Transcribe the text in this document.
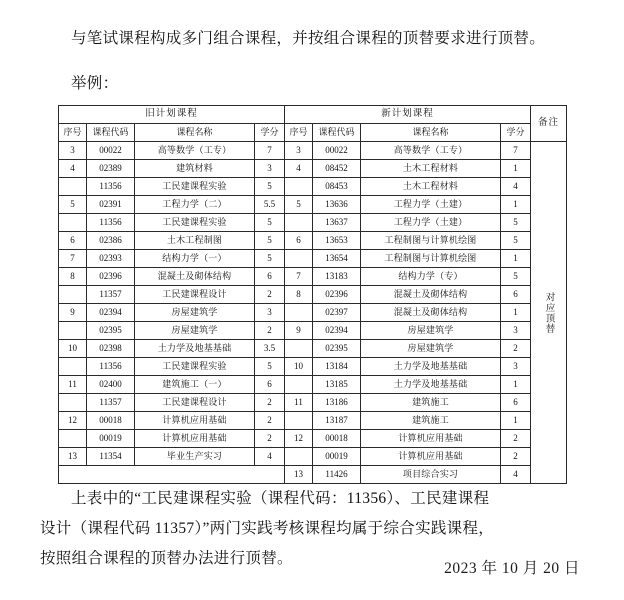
与笔试课程构成多门组合课程，并按组合课程的顶替要求进行顶替。

举例：

旧计划课程				新计划课程				备注
序号	课程代码	课程名称	学分	序号	课程代码	课程名称	学分	
3	00022	高等数学（工专）	7	3	00022	高等数学（工专）	7	对应顶替

4	02389	建筑材料	3	4	08452	土木工程材料	1	
	11356	工民建课程实验	5		08453	土木工程材料	4	
5	02391	工程力学（二）	5.5	5	13636	工程力学（土建）	1	
	11356	工民建课程实验	5		13637	工程力学（土建）	5	
6	02386	土木工程制图	5	6	13653	工程制图与计算机绘图	5	
7	02393	结构力学（一）	5		13654	工程制图与计算机绘图	1	
8	02396	混凝土及砌体结构	6	7	13183	结构力学（专）	5	
	11357	工民建课程设计	2	8	02396	混凝土及砌体结构	6	
9	02394	房屋建筑学	3		02397	混凝土及砌体结构	1	
	02395	房屋建筑学	2	9	02394	房屋建筑学	3	
10	02398	土力学及地基基础	3.5		02395	房屋建筑学	2	
	11356	工民建课程实验	5	10	13184	土力学及地基基础	3	
11	02400	建筑施工（一）	6		13185	土力学及地基基础	1	
	11357	工民建课程设计	2	11	13186	建筑施工	6	
12	00018	计算机应用基础	2		13187	建筑施工	1	
	00019	计算机应用基础	2	12	00018	计算机应用基础	2	
13	11354	毕业生产实习	4		00019	计算机应用基础	2	
				13	11426	项目综合实习	4	

上表中的“工民建课程实验（课程代码：11356）、工民建课程

设计（课程代码 11357）”两门实践考核课程均属于综合实践课程，

按照组合课程的顶替办法进行顶替。

2023 年 10 月 20 日
